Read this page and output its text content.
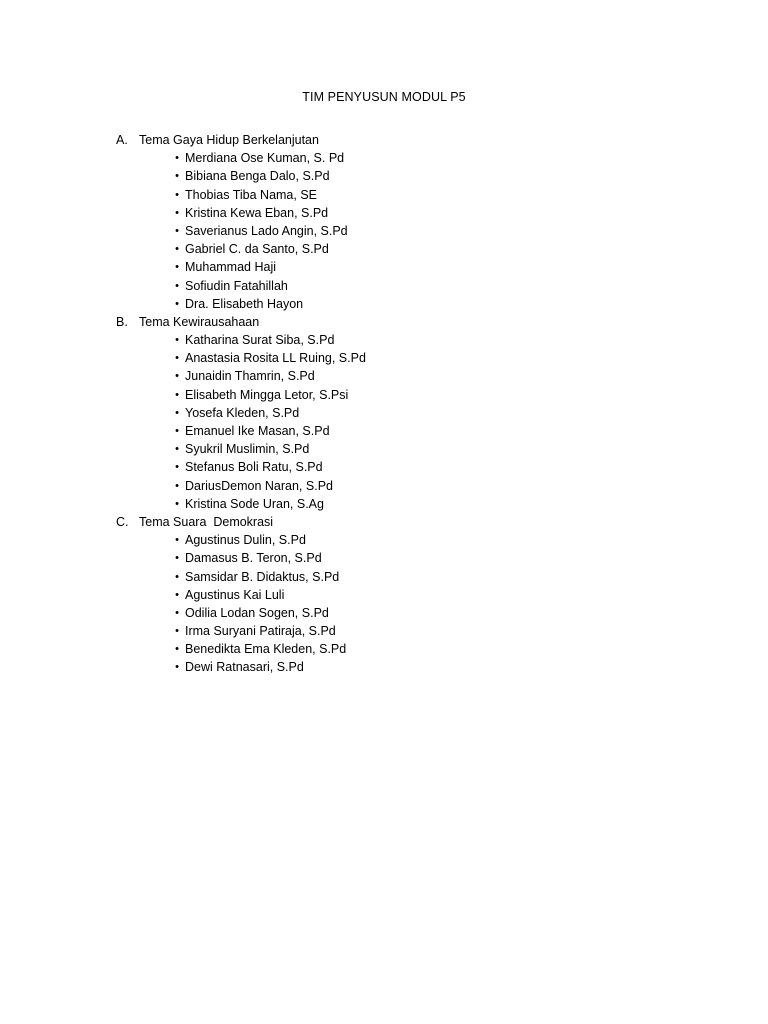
TIM PENYUSUN MODUL P5
A. Tema Gaya Hidup Berkelanjutan
• Merdiana Ose Kuman, S. Pd
• Bibiana Benga Dalo, S.Pd
• Thobias Tiba Nama, SE
• Kristina Kewa Eban, S.Pd
• Saverianus Lado Angin, S.Pd
• Gabriel C. da Santo, S.Pd
• Muhammad Haji
• Sofiudin Fatahillah
• Dra. Elisabeth Hayon
B. Tema Kewirausahaan
• Katharina Surat Siba, S.Pd
• Anastasia Rosita LL Ruing, S.Pd
• Junaidin Thamrin, S.Pd
• Elisabeth Mingga Letor, S.Psi
• Yosefa Kleden, S.Pd
• Emanuel Ike Masan, S.Pd
• Syukril Muslimin, S.Pd
• Stefanus Boli Ratu, S.Pd
• DariusDemon Naran, S.Pd
• Kristina Sode Uran, S.Ag
C. Tema Suara  Demokrasi
• Agustinus Dulin, S.Pd
• Damasus B. Teron, S.Pd
• Samsidar B. Didaktus, S.Pd
• Agustinus Kai Luli
• Odilia Lodan Sogen, S.Pd
• Irma Suryani Patiraja, S.Pd
• Benedikta Ema Kleden, S.Pd
• Dewi Ratnasari, S.Pd
